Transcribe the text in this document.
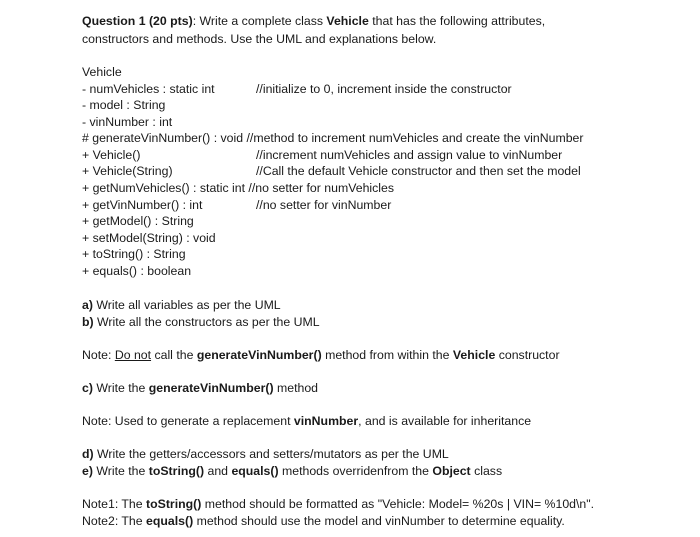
Question 1 (20 pts): Write a complete class Vehicle that has the following attributes,
constructors and methods. Use the UML and explanations below.
Vehicle
- numVehicles : static int	//initialize to 0, increment inside the constructor
- model : String
- vinNumber : int
# generateVinNumber() : void //method to increment numVehicles and create the vinNumber
+ Vehicle()	//increment numVehicles and assign value to vinNumber
+ Vehicle(String)	//Call the default Vehicle constructor and then set the model
+ getNumVehicles() : static int //no setter for numVehicles
+ getVinNumber() : int	//no setter for vinNumber
+ getModel() : String
+ setModel(String) : void
+ toString() : String
+ equals() : boolean
a) Write all variables as per the UML
b) Write all the constructors as per the UML
Note: Do not call the generateVinNumber() method from within the Vehicle constructor
c) Write the generateVinNumber() method
Note: Used to generate a replacement vinNumber, and is available for inheritance
d) Write the getters/accessors and setters/mutators as per the UML
e) Write the toString() and equals() methods overridenfrom the Object class
Note1: The toString() method should be formatted as "Vehicle: Model= %20s | VIN= %10d\n".
Note2: The equals() method should use the model and vinNumber to determine equality.
